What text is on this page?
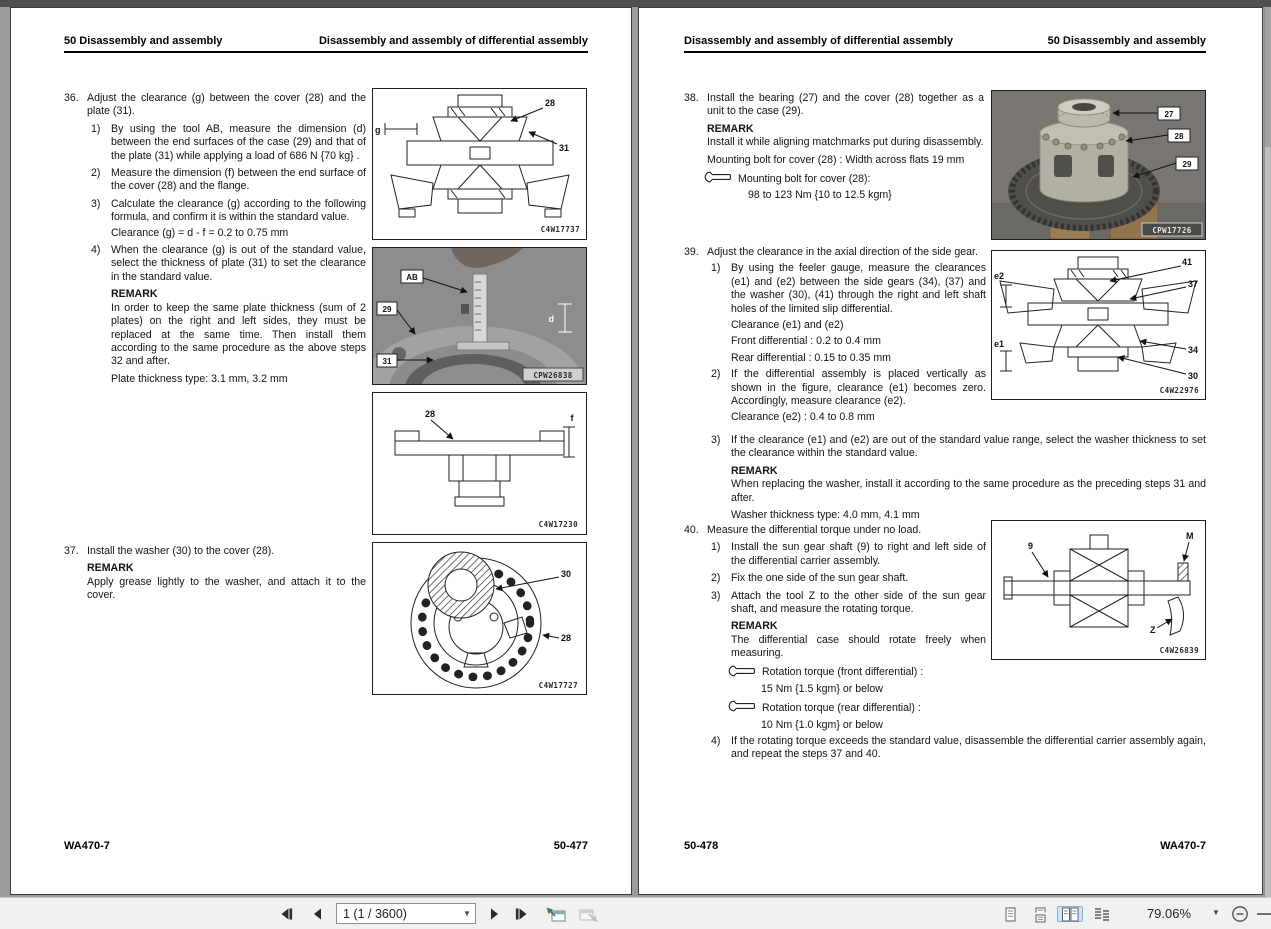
50 Disassembly and assembly	Disassembly and assembly of differential assembly
36. Adjust the clearance (g) between the cover (28) and the plate (31).
1) By using the tool AB, measure the dimension (d) between the end surfaces of the case (29) and that of the plate (31) while applying a load of 686 N {70 kg} .
2) Measure the dimension (f) between the end surface of the cover (28) and the flange.
3) Calculate the clearance (g) according to the following formula, and confirm it is within the standard value.
Clearance (g) = d - f = 0.2 to 0.75 mm
4) When the clearance (g) is out of the standard value, select the thickness of plate (31) to set the clearance in the standard value.
REMARK
In order to keep the same plate thickness (sum of 2 plates) on the right and left sides, they must be replaced at the same time. Then install them according to the same procedure as the above steps 32 and after.
Plate thickness type: 3.1 mm, 3.2 mm
37. Install the washer (30) to the cover (28).
REMARK
Apply grease lightly to the washer, and attach it to the cover.
28
31
g
C4W17737
AB
29
31
d
CPW26838
28	f
C4W17230
30
28
C4W17727
WA470-7	50-477
Disassembly and assembly of differential assembly	50 Disassembly and assembly
38. Install the bearing (27) and the cover (28) together as a unit to the case (29).
REMARK
Install it while aligning matchmarks put during disassembly.
Mounting bolt for cover (28) : Width across flats 19 mm
Mounting bolt for cover (28):
98 to 123 Nm {10 to 12.5 kgm}
27
28
29
CPW17726
39. Adjust the clearance in the axial direction of the side gear.
1) By using the feeler gauge, measure the clearances (e1) and (e2) between the side gears (34), (37) and the washer (30), (41) through the right and left shaft holes of the limited slip differential.
Clearance (e1) and (e2)
Front differential : 0.2 to 0.4 mm
Rear differential : 0.15 to 0.35 mm
2) If the differential assembly is placed vertically as shown in the figure, clearance (e1) becomes zero. Accordingly, measure clearance (e2).
Clearance (e2) : 0.4 to 0.8 mm
e2
41
37
e1
34
30
C4W22976
3) If the clearance (e1) and (e2) are out of the standard value range, select the washer thickness to set the clearance within the standard value.
REMARK
When replacing the washer, install it according to the same procedure as the preceding steps 31 and after.
Washer thickness type: 4.0 mm, 4.1 mm
40. Measure the differential torque under no load.
1) Install the sun gear shaft (9) to right and left side of the differential carrier assembly.
2) Fix the one side of the sun gear shaft.
3) Attach the tool Z to the other side of the sun gear shaft, and measure the rotating torque.
REMARK
The differential case should rotate freely when measuring.
Rotation torque (front differential) :
15 Nm {1.5 kgm} or below
Rotation torque (rear differential) :
10 Nm {1.0 kgm} or below
9
M
Z
C4W26839
4) If the rotating torque exceeds the standard value, disassemble the differential carrier assembly again, and repeat the steps 37 and 40.
50-478	WA470-7
1 (1 / 3600)
▼	79.06%	▼
